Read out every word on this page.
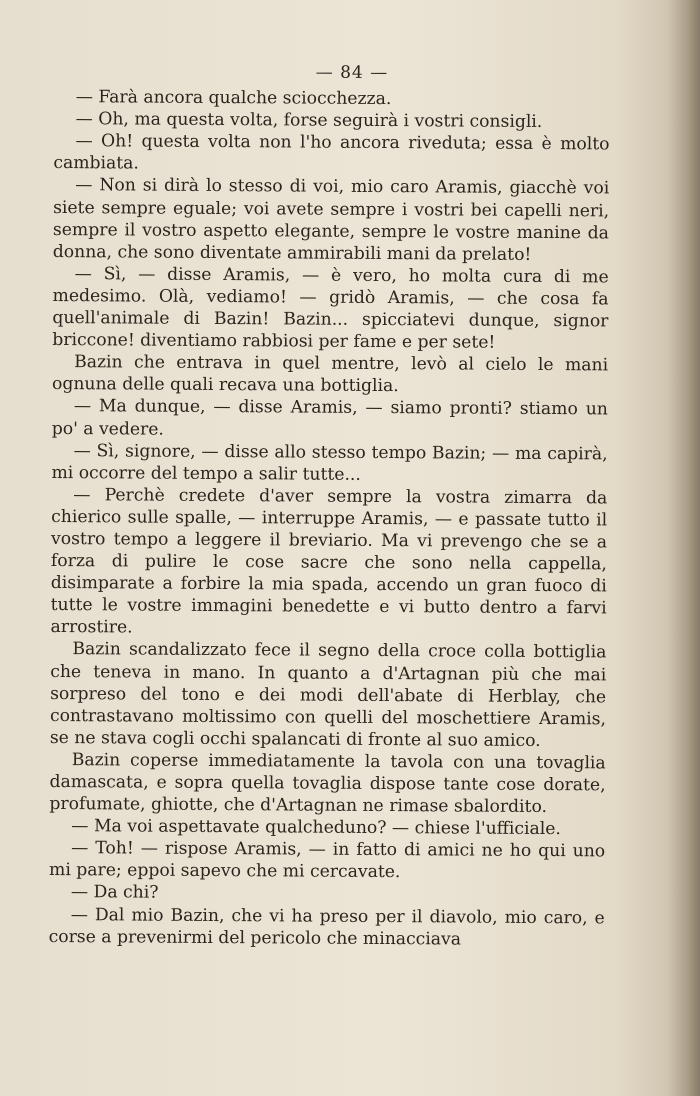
— 84 —

— Farà ancora qualche sciocchezza.

— Oh, ma questa volta, forse seguirà i vostri consigli.

— Oh! questa volta non l'ho ancora riveduta; essa è molto cambiata.

— Non si dirà lo stesso di voi, mio caro Aramis, giacchè voi siete sempre eguale; voi avete sempre i vostri bei capelli neri, sempre il vostro aspetto elegante, sempre le vostre manine da donna, che sono diventate ammirabili mani da prelato!

— Sì, — disse Aramis, — è vero, ho molta cura di me medesimo. Olà, vediamo! — gridò Aramis, — che cosa fa quell'animale di Bazin! Bazin... spicciatevi dunque, signor briccone! diventiamo rabbiosi per fame e per sete!

Bazin che entrava in quel mentre, levò al cielo le mani ognuna delle quali recava una bottiglia.

— Ma dunque, — disse Aramis, — siamo pronti? stiamo un po' a vedere.

— Sì, signore, — disse allo stesso tempo Bazin; — ma capirà, mi occorre del tempo a salir tutte...

— Perchè credete d'aver sempre la vostra zimarra da chierico sulle spalle, — interruppe Aramis, — e passate tutto il vostro tempo a leggere il breviario. Ma vi prevengo che se a forza di pulire le cose sacre che sono nella cappella, disimparate a forbire la mia spada, accendo un gran fuoco di tutte le vostre immagini benedette e vi butto dentro a farvi arrostire.

Bazin scandalizzato fece il segno della croce colla bottiglia che teneva in mano. In quanto a d'Artagnan più che mai sorpreso del tono e dei modi dell'abate di Herblay, che contrastavano moltissimo con quelli del moschettiere Aramis, se ne stava cogli occhi spalancati di fronte al suo amico.

Bazin coperse immediatamente la tavola con una tovaglia damascata, e sopra quella tovaglia dispose tante cose dorate, profumate, ghiotte, che d'Artagnan ne rimase sbalordito.

— Ma voi aspettavate qualcheduno? — chiese l'ufficiale.

— Toh! — rispose Aramis, — in fatto di amici ne ho qui uno mi pare; eppoi sapevo che mi cercavate.

— Da chi?

— Dal mio Bazin, che vi ha preso per il diavolo, mio caro, e corse a prevenirmi del pericolo che minacciava
